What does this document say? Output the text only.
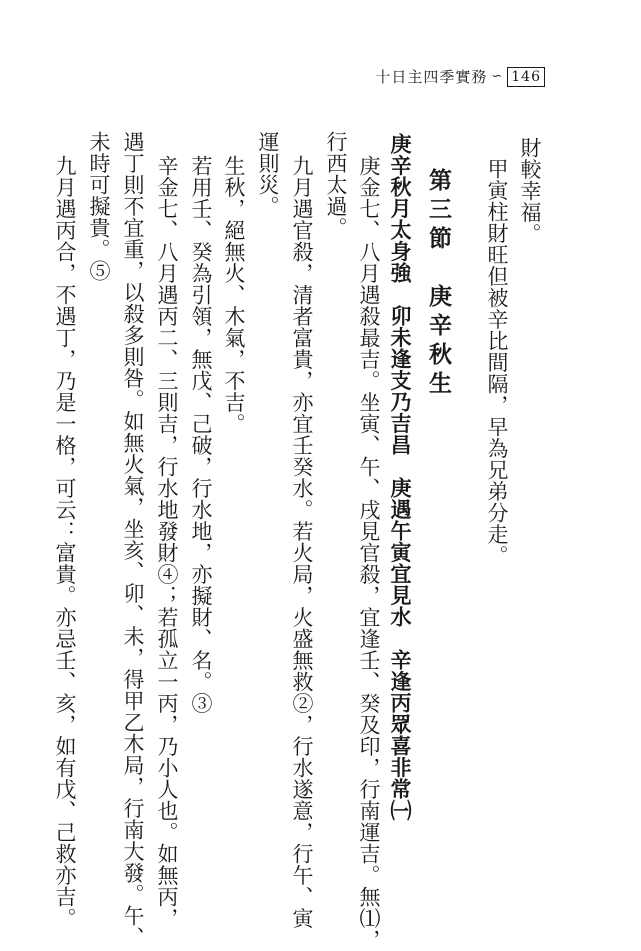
十日主四季實務 ∽ 146
財較幸福。
甲寅柱財旺但被辛比間隔，早為兄弟分走。
第三節　庚辛秋生
庚辛秋月太身強　卯未逢支乃吉昌　庚遇午寅宜見水　辛逢丙眾喜非常㈠
庚金七、八月遇殺最吉。坐寅、午、戌見官殺，宜逢壬、癸及印，行南運吉。無⑴，
行西太過。
九月遇官殺，清者富貴，亦宜壬癸水。若火局，火盛無救②，行水遂意，行午、寅
運則災。
生秋，絕無火、木氣，不吉。
若用壬、癸為引領，無戊、己破，行水地，亦擬財、名。③
辛金七、八月遇丙二、三則吉，行水地發財④；若孤立一丙，乃小人也。如無丙，
遇丁則不宜重，以殺多則咎。如無火氣，坐亥、卯、未，得甲乙木局，行南大發。午、
未時可擬貴。⑤
九月遇丙合，不遇丁，乃是一格，可云：富貴。亦忌壬、亥，如有戊、己救亦吉。
